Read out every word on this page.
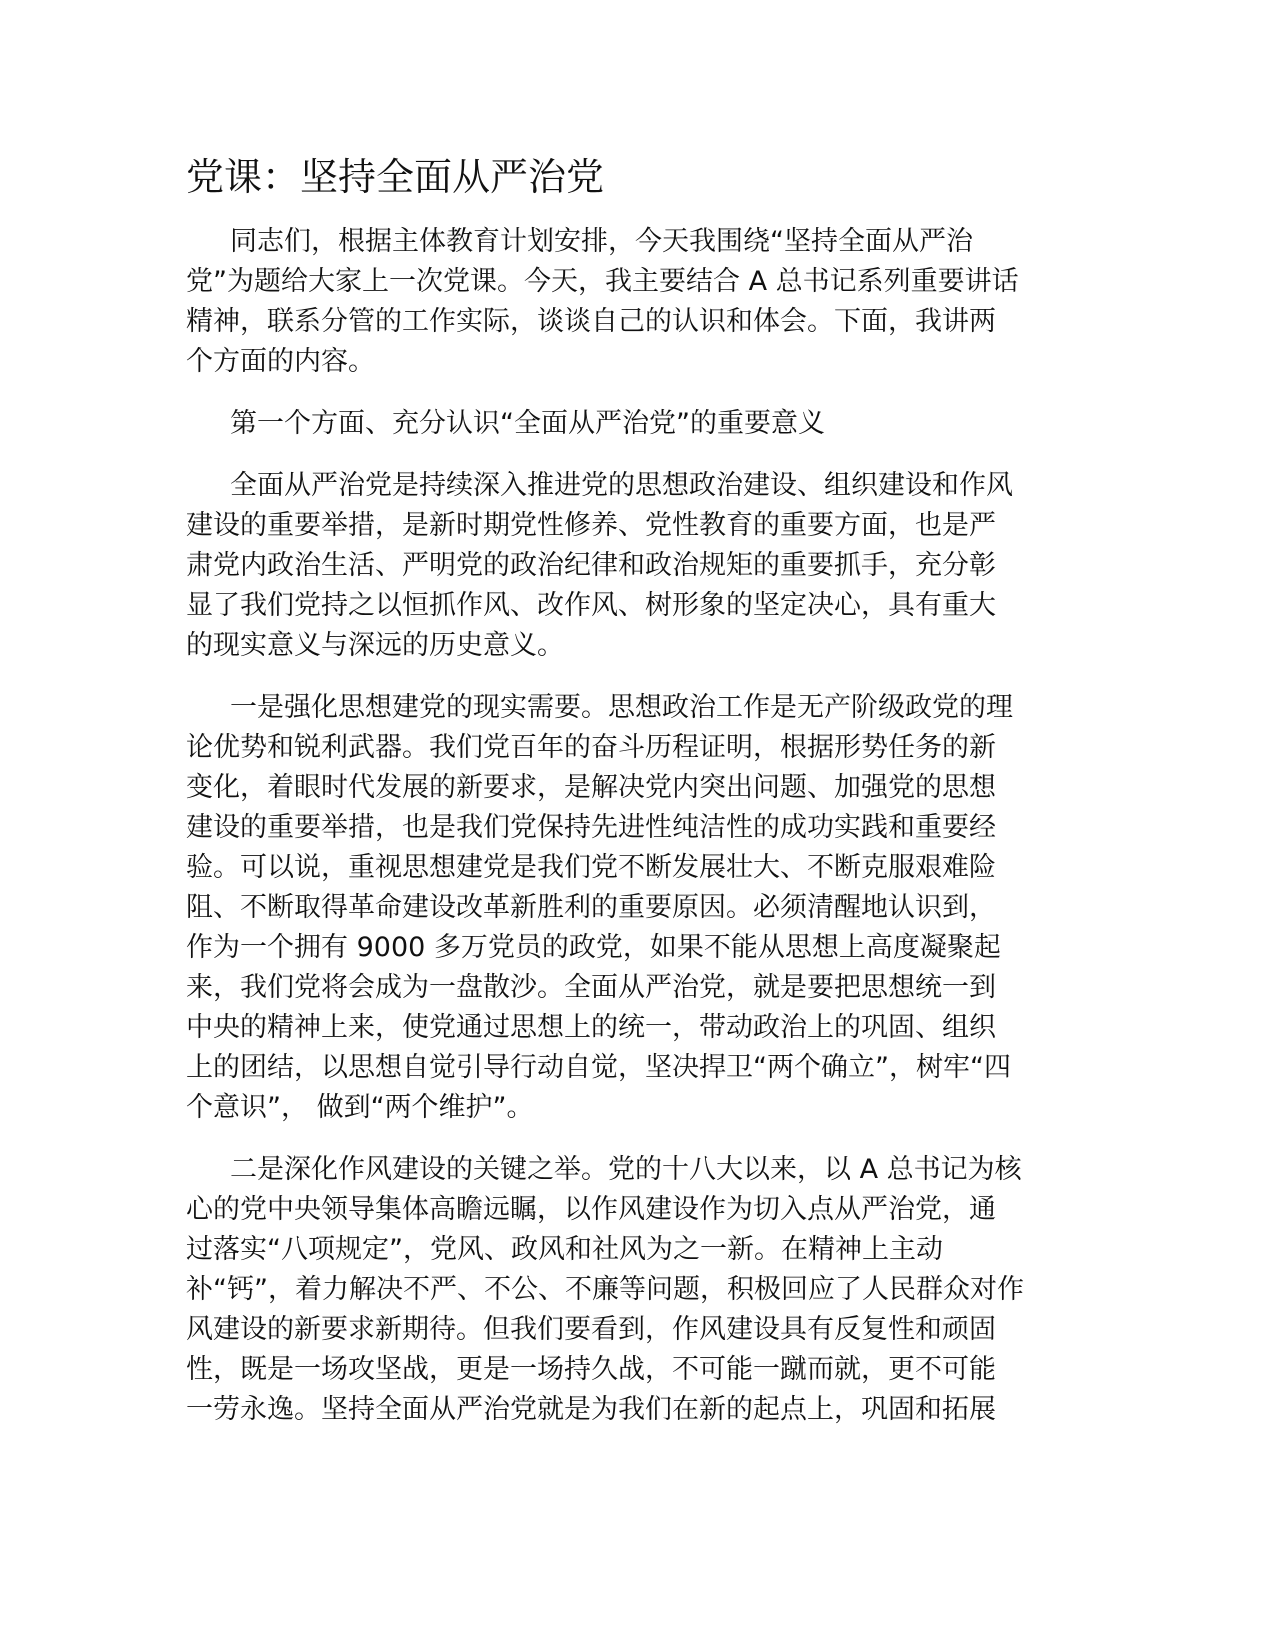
党课：坚持全面从严治党
同志们，根据主体教育计划安排，今天我围绕“坚持全面从严治
党”为题给大家上一次党课。今天，我主要结合 A 总书记系列重要讲话
精神，联系分管的工作实际，谈谈自己的认识和体会。下面，我讲两
个方面的内容。
第一个方面、充分认识“全面从严治党”的重要意义
全面从严治党是持续深入推进党的思想政治建设、组织建设和作风
建设的重要举措，是新时期党性修养、党性教育的重要方面，也是严
肃党内政治生活、严明党的政治纪律和政治规矩的重要抓手，充分彰
显了我们党持之以恒抓作风、改作风、树形象的坚定决心，具有重大
的现实意义与深远的历史意义。
一是强化思想建党的现实需要。思想政治工作是无产阶级政党的理
论优势和锐利武器。我们党百年的奋斗历程证明，根据形势任务的新
变化，着眼时代发展的新要求，是解决党内突出问题、加强党的思想
建设的重要举措，也是我们党保持先进性纯洁性的成功实践和重要经
验。可以说，重视思想建党是我们党不断发展壮大、不断克服艰难险
阻、不断取得革命建设改革新胜利的重要原因。必须清醒地认识到，
作为一个拥有 9000 多万党员的政党，如果不能从思想上高度凝聚起
来，我们党将会成为一盘散沙。全面从严治党，就是要把思想统一到
中央的精神上来，使党通过思想上的统一，带动政治上的巩固、组织
上的团结，以思想自觉引导行动自觉，坚决捍卫“两个确立”，树牢“四
个意识”， 做到“两个维护”。
二是深化作风建设的关键之举。党的十八大以来，以 A 总书记为核
心的党中央领导集体高瞻远瞩，以作风建设作为切入点从严治党，通
过落实“八项规定”，党风、政风和社风为之一新。在精神上主动
补“钙”，着力解决不严、不公、不廉等问题，积极回应了人民群众对作
风建设的新要求新期待。但我们要看到，作风建设具有反复性和顽固
性，既是一场攻坚战，更是一场持久战，不可能一蹴而就，更不可能
一劳永逸。坚持全面从严治党就是为我们在新的起点上，巩固和拓展
